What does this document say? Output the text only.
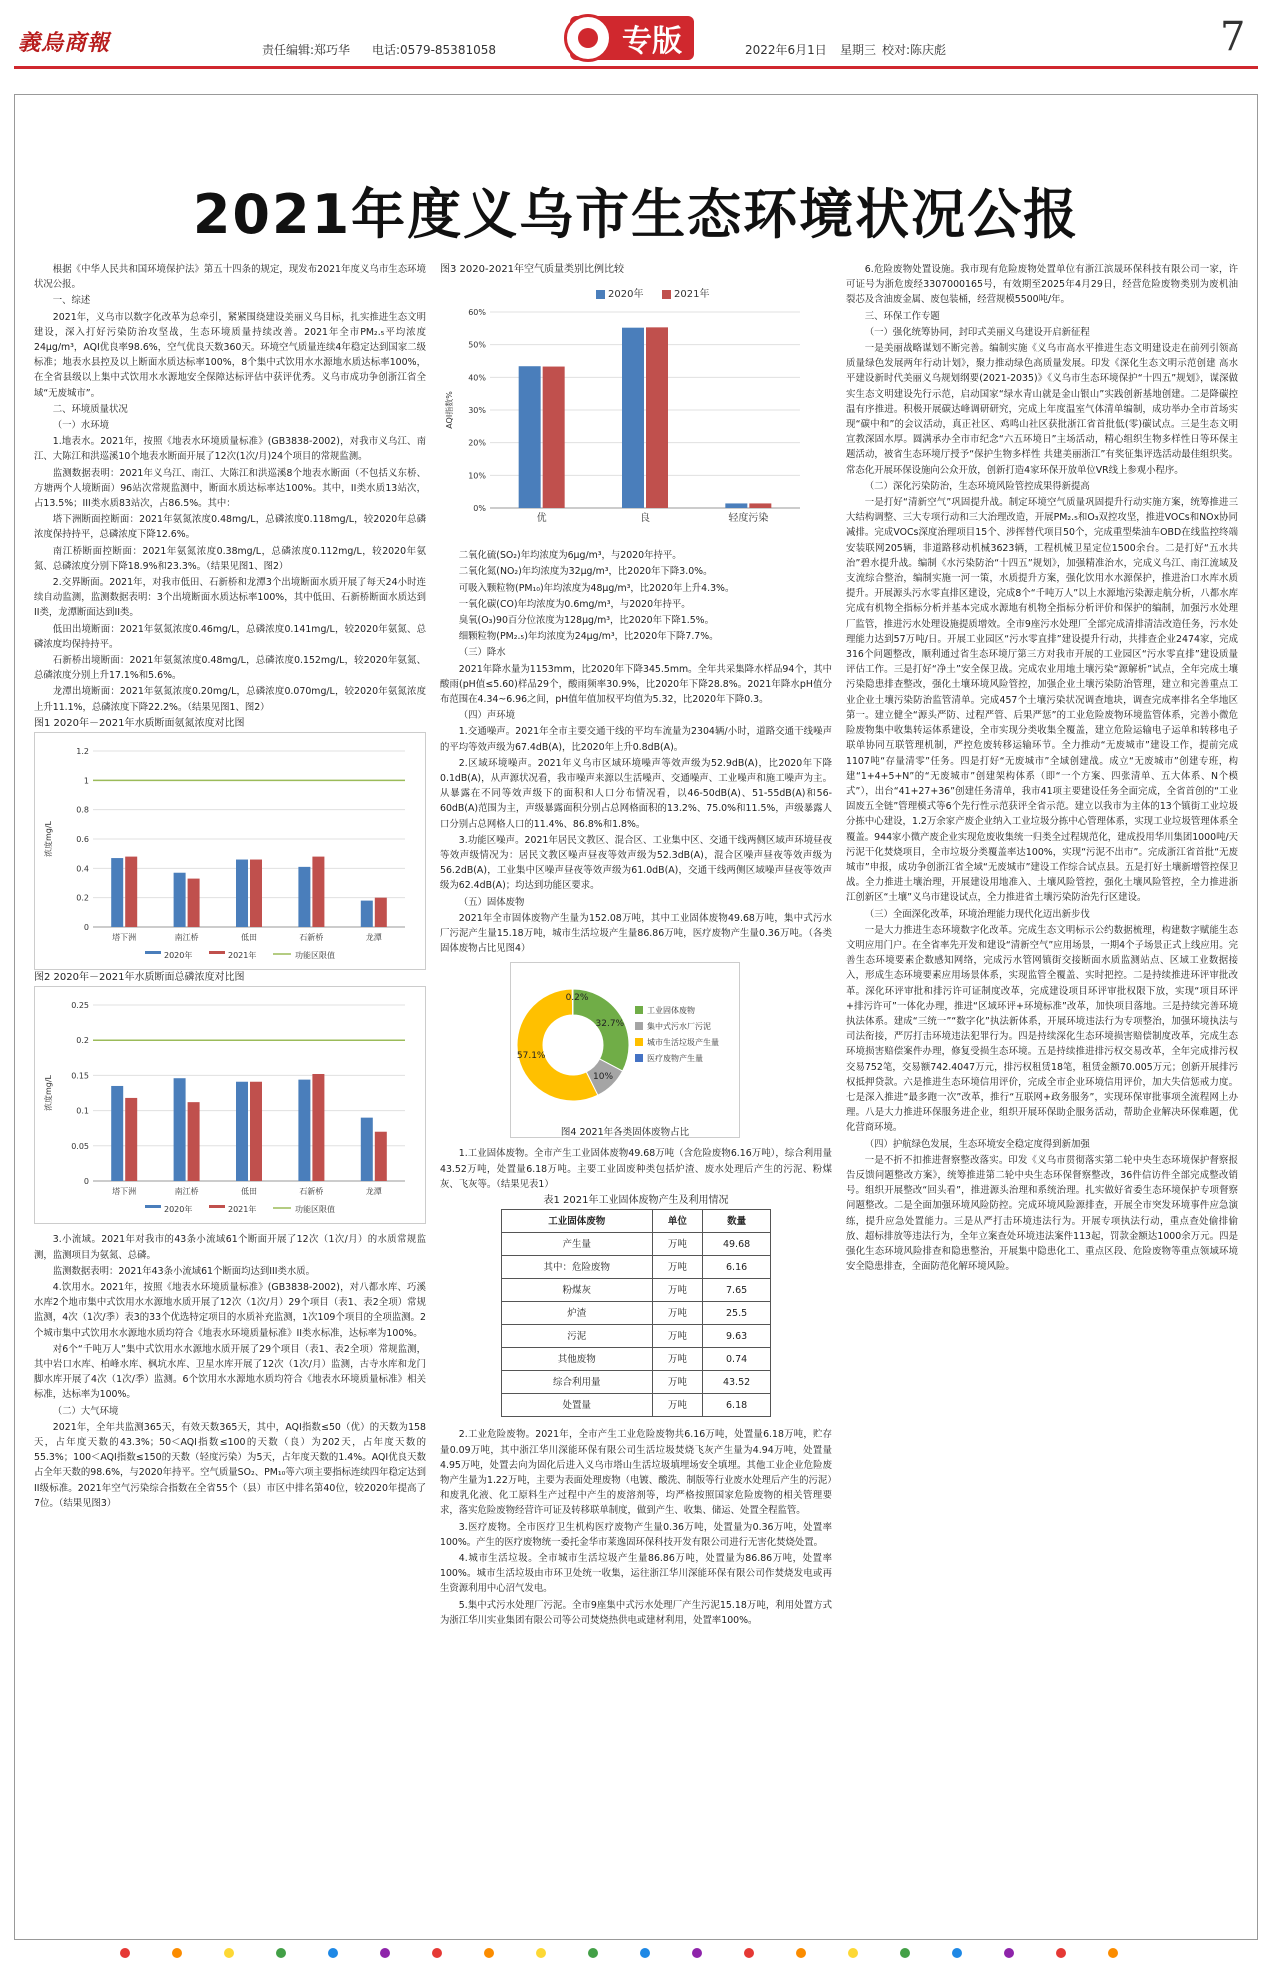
義烏商報	责任编辑:郑巧华 电话:0579-85381058	专版	2022年6月1日 星期三 校对:陈庆彪	7
2021年度义乌市生态环境状况公报

根据《中华人民共和国环境保护法》第五十四条的规定，现发布2021年度义乌市生态环境状况公报。

一、综述

2021年，义乌市以数字化改革为总牵引，紧紧围绕建设美丽义乌目标，扎实推进生态文明建设，深入打好污染防治攻坚战，生态环境质量持续改善。2021年全市PM₂.₅平均浓度24μg/m³，AQI优良率98.6%，空气优良天数360天。环境空气质量连续4年稳定达到国家二级标准；地表水县控及以上断面水质达标率100%，8个集中式饮用水水源地水质达标率100%，在全省县级以上集中式饮用水水源地安全保障达标评估中获评优秀。义乌市成功争创浙江省全域“无废城市”。

二、环境质量状况

（一）水环境

1.地表水。2021年，按照《地表水环境质量标准》(GB3838-2002)，对我市义乌江、南江、大陈江和洪巡溪10个地表水断面开展了12次(1次/月)24个项目的常规监测。

监测数据表明：2021年义乌江、南江、大陈江和洪巡溪8个地表水断面（不包括义东桥、方塘两个人境断面）96站次常规监测中，断面水质达标率达100%。其中，II类水质13站次，占13.5%；III类水质83站次，占86.5%。其中：

塔下洲断面控断面：2021年氨氮浓度0.48mg/L，总磷浓度0.118mg/L，较2020年总磷浓度保持持平，总磷浓度下降12.6%。

南江桥断面控断面：2021年氨氮浓度0.38mg/L，总磷浓度0.112mg/L，较2020年氨氮、总磷浓度分别下降18.9%和23.3%。（结果见图1、图2）

2.交界断面。2021年，对我市低田、石新桥和龙潭3个出境断面水质开展了每天24小时连续自动监测，监测数据表明：3个出境断面水质达标率100%，其中低田、石新桥断面水质达到II类，龙潭断面达到II类。

低田出境断面：2021年氨氮浓度0.46mg/L，总磷浓度0.141mg/L，较2020年氨氮、总磷浓度均保持持平。

石新桥出境断面：2021年氨氮浓度0.48mg/L，总磷浓度0.152mg/L，较2020年氨氮、总磷浓度分别上升17.1%和5.6%。

龙潭出境断面：2021年氨氮浓度0.20mg/L，总磷浓度0.070mg/L，较2020年氨氮浓度上升11.1%，总磷浓度下降22.2%。（结果见图1、图2）

图1 2020年－2021年水质断面氨氮浓度对比图

0
0.2
0.4
0.6
0.8
1
1.2
浓度mg/L
塔下洲	南江桥	低田	石新桥	龙潭
2020年	2021年	功能区限值

图2 2020年－2021年水质断面总磷浓度对比图

0
0.05
0.1
0.15
0.2
0.25
浓度mg/L
塔下洲	南江桥	低田	石新桥	龙潭
2020年	2021年	功能区限值

3.小流域。2021年对我市的43条小流域61个断面开展了12次（1次/月）的水质常规监测，监测项目为氨氮、总磷。

监测数据表明：2021年43条小流域61个断面均达到III类水质。

4.饮用水。2021年，按照《地表水环境质量标准》(GB3838-2002)，对八都水库、巧溪水库2个地市集中式饮用水水源地水质开展了12次（1次/月）29个项目（表1、表2全项）常规监测，4次（1次/季）表3的33个优选特定项目的水质补充监测，1次109个项目的全项监测。2个城市集中式饮用水水源地水质均符合《地表水环境质量标准》II类水标准，达标率为100%。

对6个“千吨万人”集中式饮用水水源地水质开展了29个项目（表1、表2全项）常规监测，其中岩口水库、柏峰水库、枫坑水库、卫星水库开展了12次（1次/月）监测，古寺水库和龙门脚水库开展了4次（1次/季）监测。6个饮用水水源地水质均符合《地表水环境质量标准》相关标准，达标率为100%。

（二）大气环境

2021年，全年共监测365天，有效天数365天，其中，AQI指数≤50（优）的天数为158天，占年度天数的43.3%；50＜AQI指数≤100的天数（良）为202天，占年度天数的55.3%；100＜AQI指数≤150的天数（轻度污染）为5天，占年度天数的1.4%。AQI优良天数占全年天数的98.6%，与2020年持平。空气质量SO₂、PM₁₀等六项主要指标连续四年稳定达到II级标准。2021年空气污染综合指数在全省55个（县）市区中排名第40位，较2020年提高了7位。（结果见图3）

图3 2020-2021年空气质量类别比例比较

0%
10%
20%
30%
40%
50%
60%
AQI指数%
优	良	轻度污染
2020年	2021年

二氧化硫(SO₂)年均浓度为6μg/m³，与2020年持平。

二氧化氮(NO₂)年均浓度为32μg/m³，比2020年下降3.0%。

可吸入颗粒物(PM₁₀)年均浓度为48μg/m³，比2020年上升4.3%。

一氧化碳(CO)年均浓度为0.6mg/m³，与2020年持平。

臭氧(O₃)90百分位浓度为128μg/m³，比2020年下降1.5%。

细颗粒物(PM₂.₅)年均浓度为24μg/m³，比2020年下降7.7%。

（三）降水

2021年降水量为1153mm，比2020年下降345.5mm。全年共采集降水样品94个，其中酸雨(pH值≤5.60)样品29个，酸雨频率30.9%，比2020年下降28.8%。2021年降水pH值分布范围在4.34~6.96之间，pH值年值加权平均值为5.32，比2020年下降0.3。

（四）声环境

1.交通噪声。2021年全市主要交通干线的平均车流量为2304辆/小时，道路交通干线噪声的平均等效声级为67.4dB(A)，比2020年上升0.8dB(A)。

2.区域环境噪声。2021年义乌市区域环境噪声等效声级为52.9dB(A)，比2020年下降0.1dB(A)，从声源状况看，我市噪声来源以生活噪声、交通噪声、工业噪声和施工噪声为主。从暴露在不同等效声级下的面积和人口分布情况看，以46-50dB(A)、51-55dB(A)和56-60dB(A)范围为主，声级暴露面积分别占总网格面积的13.2%、75.0%和11.5%，声级暴露人口分别占总网格人口的11.4%、86.8%和1.8%。

3.功能区噪声。2021年居民文教区、混合区、工业集中区、交通干线两侧区域声环境昼夜等效声级情况为：居民文教区噪声昼夜等效声级为52.3dB(A)，混合区噪声昼夜等效声级为56.2dB(A)，工业集中区噪声昼夜等效声级为61.0dB(A)，交通干线两侧区域噪声昼夜等效声级为62.4dB(A)；均达到功能区要求。

（五）固体废物

2021年全市固体废物产生量为152.08万吨，其中工业固体废物49.68万吨，集中式污水厂污泥产生量15.18万吨，城市生活垃圾产生量86.86万吨，医疗废物产生量0.36万吨。（各类固体废物占比见图4）

32.7%
10%
57.1%
0.2%
工业固体废物
集中式污水厂污泥
城市生活垃圾产生量
医疗废物产生量
图4 2021年各类固体废物占比

1.工业固体废物。全市产生工业固体废物49.68万吨（含危险废物6.16万吨），综合利用量43.52万吨，处置量6.18万吨。主要工业固废种类包括炉渣、废水处理后产生的污泥、粉煤灰、飞灰等。（结果见表1）

表1 2021年工业固体废物产生及利用情况

工业固体废物	单位	数量
产生量	万吨	49.68
其中：危险废物	万吨	6.16
粉煤灰	万吨	7.65
炉渣	万吨	25.5
污泥	万吨	9.63
其他废物	万吨	0.74
综合利用量	万吨	43.52
处置量	万吨	6.18

2.工业危险废物。2021年，全市产生工业危险废物共6.16万吨，处置量6.18万吨，贮存量0.09万吨，其中浙江华川深能环保有限公司生活垃圾焚烧飞灰产生量为4.94万吨，处置量4.95万吨，处置去向为固化后进入义乌市塔山生活垃圾填埋场安全填埋。其他工业企业危险废物产生量为1.22万吨，主要为表面处理废物（电镀、酸洗、制版等行业废水处理后产生的污泥）和废乳化液、化工原料生产过程中产生的废溶剂等，均严格按照国家危险废物的相关管理要求，落实危险废物经营许可证及转移联单制度，做到产生、收集、储运、处置全程监管。

3.医疗废物。全市医疗卫生机构医疗废物产生量0.36万吨，处置量为0.36万吨，处置率100%。产生的医疗废物统一委托金华市莱逸固环保科技开发有限公司进行无害化焚烧处置。

4.城市生活垃圾。全市城市生活垃圾产生量86.86万吨，处置量为86.86万吨，处置率100%。城市生活垃圾由市环卫处统一收集，运往浙江华川深能环保有限公司作焚烧发电或再生资源利用中心沼气发电。

5.集中式污水处理厂污泥。全市9座集中式污水处理厂产生污泥15.18万吨，利用处置方式为浙江华川实业集团有限公司等公司焚烧热供电或建材利用，处置率100%。

6.危险废物处置设施。我市现有危险废物处置单位有浙江滨晟环保科技有限公司一家，许可证号为浙危废经3307000165号，有效期至2025年4月29日，经营危险废物类别为废机油裂芯及含油废金属、废包装桶，经营规模5500吨/年。

三、环保工作专题

（一）强化统筹协同，封印式美丽义乌建设开启新征程

一是美丽战略谋划不断完善。编制实施《义乌市高水平推进生态文明建设走在前列引领高质量绿色发展两年行动计划》，聚力推动绿色高质量发展。印发《深化生态文明示范创建 高水平建设新时代美丽义乌规划纲要(2021-2035)》《义乌市生态环境保护“十四五”规划》，谋深做实生态文明建设先行示范，启动国家“绿水青山就是金山银山”实践创新基地创建。二是降碳控温有序推进。积极开展碳达峰调研研究，完成上年度温室气体清单编制，成功举办全市首场实现“碳中和”的会议活动，真正社区、鸡鸣山社区获批浙江省首批低(零)碳试点。三是生态文明宣教深固水厚。圆满承办全市市纪念“六五环境日”主场活动，精心组织生物多样性日等环保主题活动，被省生态环境厅授予“保护生物多样性 共建美丽浙江”有奖征集评选活动最佳组织奖。常态化开展环保设施向公众开放，创新打造4家环保开放单位VR线上参观小程序。

（二）深化污染防治，生态环境风险管控成果得新提高

一是打好“清新空气”巩固提升战。制定环境空气质量巩固提升行动实施方案，统筹推进三大结构调整、三大专项行动和三大治理改造，开展PM₂.₅和O₃双控攻坚，推进VOCs和NOx协同减排。完成VOCs深度治理项目15个、涉挥替代项目50个，完成重型柴油车OBD在线监控终端安装联网205辆，非道路移动机械3623辆，工程机械卫星定位1500余台。二是打好“五水共治”碧水提升战。编制《水污染防治“十四五”规划》，加强精准治水，完成义乌江、南江流域及支流综合整治，编制实施一河一策，水质提升方案，强化饮用水水源保护，推进治口水库水质提升。开展源头污水零直排区建设，完成8个“千吨万人”以上水源地污染源走航分析，八都水库完成有机物全指标分析并基本完成水源地有机物全指标分析评价和保护的编制，加强污水处理厂监管，推进污水处理设施提质增效。全市9座污水处理厂全部完成清排清洁改造任务，污水处理能力达到57万吨/日。开展工业园区“污水零直排”建设提升行动，共排查企业2474家，完成316个问题整改，顺利通过省生态环境厅第三方对我市开展的工业园区“污水零直排”建设质量评估工作。三是打好“净土”安全保卫战。完成农业用地土壤污染“源解析”试点，全年完成土壤污染隐患排查整改，强化土壤环境风险管控，加强企业土壤污染防治管理，建立和完善重点工业企业土壤污染防治监管清单。完成457个土壤污染状况调查地块，调查完成率排名全华地区第一。建立健全“源头严防、过程严管、后果严惩”的工业危险废物环境监管体系，完善小微危险废物集中收集转运体系建设，全市实现分类收集全覆盖，建立危险运输电子运单和转移电子联单协同互联管理机制，严控危废转移运输环节。全力推动“无废城市”建设工作，提前完成1107吨“存量清零”任务。四是打好“无废城市”全域创建战。成立“无废城市”创建专班，构建“1+4+5+N”的“无废城市”创建架构体系（即“一个方案、四张清单、五大体系、N个模式”），出台“41+27+36”创建任务清单，我市41项主要建设任务全面完成，全省首创的“工业固废五全链”管理模式等6个先行性示范获评全省示范。建立以我市为主体的13个镇街工业垃圾分拣中心建设，1.2万余家产废企业纳入工业垃圾分拣中心管理体系，实现工业垃圾管理体系全覆盖。944家小微产废企业实现危废收集统一归类全过程规范化，建成投用华川集团1000吨/天污泥干化焚烧项目，全市垃圾分类覆盖率达100%，实现“污泥不出市”。完成浙江省首批“无废城市”申报，成功争创浙江省全域“无废城市”建设工作综合试点县。五是打好土壤新增管控保卫战。全力推进土壤治理，开展建设用地准入、土壤风险管控，强化土壤风险管控，全力推进浙江创新区“土壤”义乌市建设试点，全力推进省土壤污染防治先行区建设。

（三）全面深化改革，环境治理能力现代化迈出新步伐

一是大力推进生态环境数字化改革。完成生态文明标示公约数据梳理，构建数字赋能生态文明应用门户。在全省率先开发和建设“清新空气”应用场景，一期4个子场景正式上线应用。完善生态环境要素企数感知网络，完成污水管网镇街交接断面水质监测站点、区域工业数据接入，形成生态环境要素应用场景体系，实现监管全覆盖、实时把控。二是持续推进环评审批改革。深化环评审批和排污许可证制度改革，完成建设项目环评审批权限下放，实现“项目环评+排污许可”一体化办理，推进“区域环评+环境标准”改革，加快项目落地。三是持续完善环境执法体系。建成“三统一”“数字化”执法新体系，开展环境违法行为专项整治，加强环境执法与司法衔接，严厉打击环境违法犯罪行为。四是持续深化生态环境损害赔偿制度改革，完成生态环境损害赔偿案件办理，修复受损生态环境。五是持续推进排污权交易改革，全年完成排污权交易752笔，交易额742.4047万元，排污权租赁18笔，租赁金额70.005万元；创新开展排污权抵押贷款。六是推进生态环境信用评价，完成全市企业环境信用评价，加大失信惩戒力度。七是深入推进“最多跑一次”改革，推行“互联网+政务服务”，实现环保审批事项全流程网上办理。八是大力推进环保服务进企业，组织开展环保助企服务活动，帮助企业解决环保难题，优化营商环境。

（四）护航绿色发展，生态环境安全稳定度得到新加强

一是不折不扣推进督察整改落实。印发《义乌市贯彻落实第二轮中央生态环境保护督察报告反馈问题整改方案》，统筹推进第二轮中央生态环保督察整改，36件信访件全部完成整改销号。组织开展整改“回头看”，推进源头治理和系统治理。扎实做好省委生态环境保护专项督察问题整改。二是全面加强环境风险防控。完成环境风险源排查，开展全市突发环境事件应急演练，提升应急处置能力。三是从严打击环境违法行为。开展专项执法行动，重点查处偷排偷放、超标排放等违法行为，全年立案查处环境违法案件113起，罚款金额达1000余万元。四是强化生态环境风险排查和隐患整治，开展集中隐患化工、重点区段、危险废物等重点领域环境安全隐患排查，全面防范化解环境风险。
